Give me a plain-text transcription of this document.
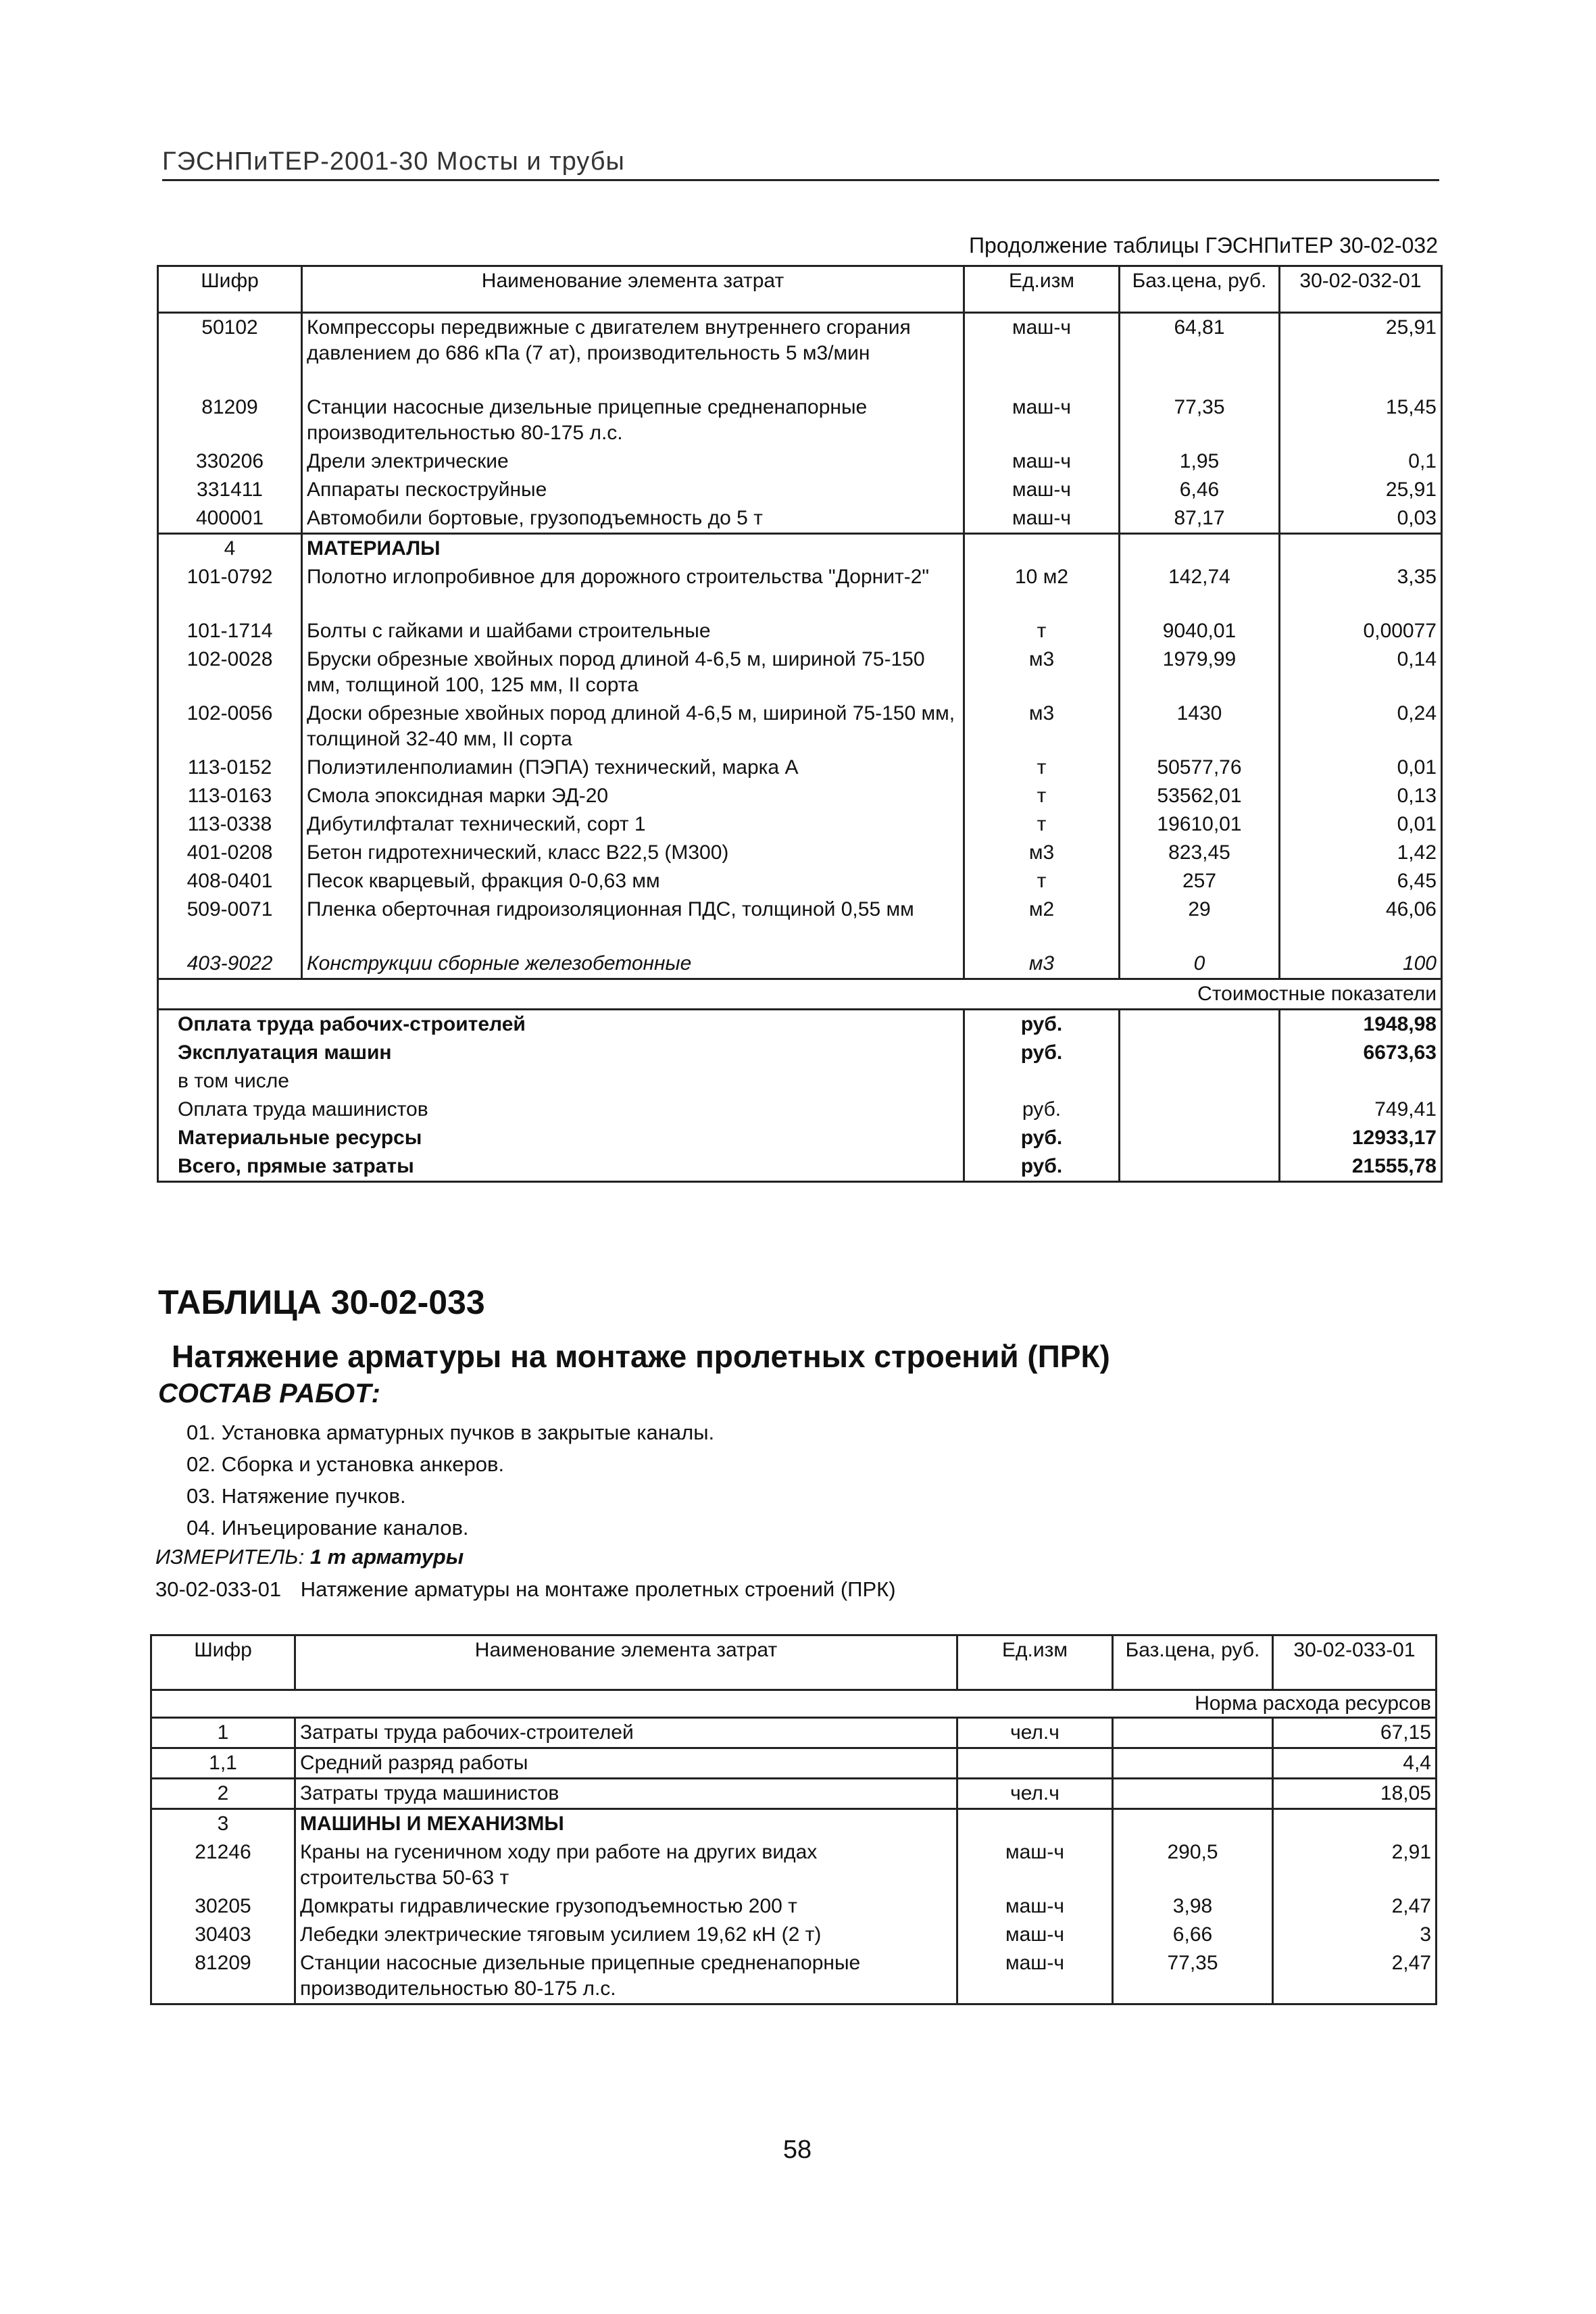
ГЭСНПиТЕР-2001-30 Мосты и трубы
Продолжение таблицы ГЭСНПиТЕР 30-02-032
Шифр	Наименование элемента затрат	Ед.изм	Баз.цена, руб.	30-02-032-01
50102	Компрессоры передвижные с двигателем внутреннего сгорания давлением до 686 кПа (7 ат), производительность 5 м3/мин	маш-ч	64,81	25,91
81209	Станции насосные дизельные прицепные средненапорные производительностью 80-175 л.с.	маш-ч	77,35	15,45
330206	Дрели электрические	маш-ч	1,95	0,1
331411	Аппараты пескоструйные	маш-ч	6,46	25,91
400001	Автомобили бортовые, грузоподъемность до 5 т	маш-ч	87,17	0,03
4	МАТЕРИАЛЫ			
101-0792	Полотно иглопробивное для дорожного строительства "Дорнит-2"	10 м2	142,74	3,35
101-1714	Болты с гайками и шайбами строительные	т	9040,01	0,00077
102-0028	Бруски обрезные хвойных пород длиной 4-6,5 м, шириной 75-150 мм, толщиной 100, 125 мм, II сорта	м3	1979,99	0,14
102-0056	Доски обрезные хвойных пород длиной 4-6,5 м, шириной 75-150 мм, толщиной 32-40 мм, II сорта	м3	1430	0,24
113-0152	Полиэтиленполиамин (ПЭПА) технический, марка А	т	50577,76	0,01
113-0163	Смола эпоксидная марки ЭД-20	т	53562,01	0,13
113-0338	Дибутилфталат технический, сорт 1	т	19610,01	0,01
401-0208	Бетон гидротехнический, класс В22,5 (М300)	м3	823,45	1,42
408-0401	Песок кварцевый, фракция 0-0,63 мм	т	257	6,45
509-0071	Пленка оберточная гидроизоляционная ПДС, толщиной 0,55 мм	м2	29	46,06
403-9022	Конструкции сборные железобетонные	м3	0	100
Стоимостные показатели				
Оплата труда рабочих-строителей		руб.		1948,98
Эксплуатация машин		руб.		6673,63
в том числе				
Оплата труда машинистов		руб.		749,41
Материальные ресурсы		руб.		12933,17
Всего, прямые затраты		руб.		21555,78
ТАБЛИЦА 30-02-033
Натяжение арматуры на монтаже пролетных строений (ПРК)
СОСТАВ РАБОТ:
01. Установка арматурных пучков в закрытые каналы.
02. Сборка и установка анкеров.
03. Натяжение пучков.
04. Инъецирование каналов.
ИЗМЕРИТЕЛЬ: 1 т арматуры
30-02-033-01 Натяжение арматуры на монтаже пролетных строений (ПРК)
Шифр	Наименование элемента затрат	Ед.изм	Баз.цена, руб.	30-02-033-01
Норма расхода ресурсов				
1	Затраты труда рабочих-строителей	чел.ч		67,15
1,1	Средний разряд работы			4,4
2	Затраты труда машинистов	чел.ч		18,05
3	МАШИНЫ И МЕХАНИЗМЫ			
21246	Краны на гусеничном ходу при работе на других видах строительства 50-63 т	маш-ч	290,5	2,91
30205	Домкраты гидравлические грузоподъемностью 200 т	маш-ч	3,98	2,47
30403	Лебедки электрические тяговым усилием 19,62 кН (2 т)	маш-ч	6,66	3
81209	Станции насосные дизельные прицепные средненапорные производительностью 80-175 л.с.	маш-ч	77,35	2,47
58
